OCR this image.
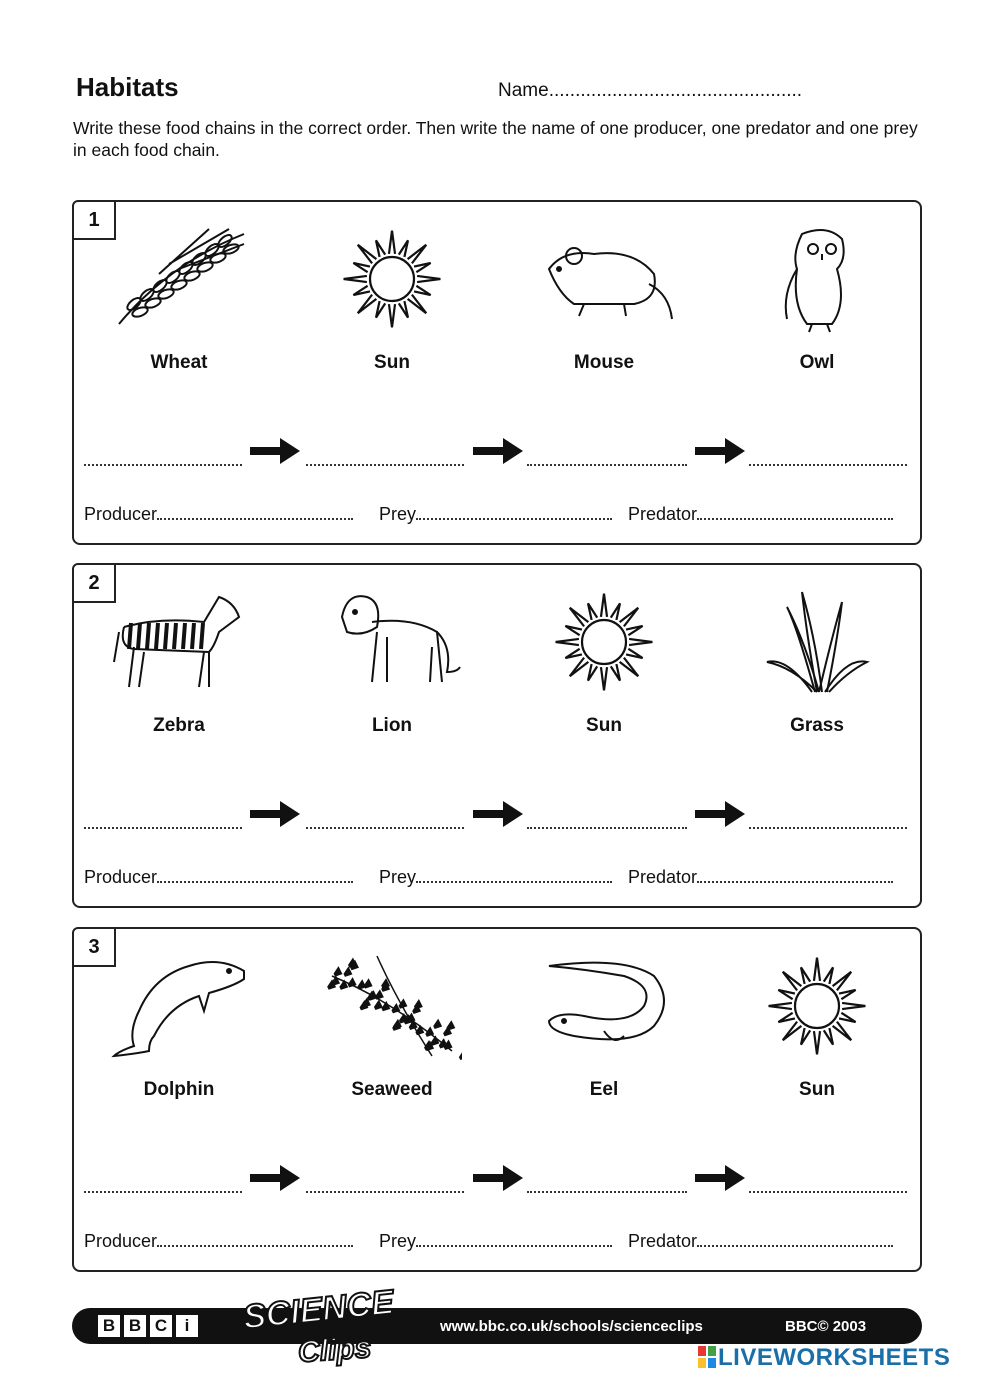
Habitats	Name................................................
Write these food chains in the correct order. Then write the name of one producer, one predator and one prey in each food chain.
1
Wheat	Sun	Mouse	Owl
Producer	Prey	Predator
2
Zebra	Lion	Sun	Grass
Producer	Prey	Predator
3
Dolphin	Seaweed	Eel	Sun
Producer	Prey	Predator
B B C	i SCIENCE
Clips
www.bbc.co.uk/schools/scienceclips	BBC© 2003
LIVEWORKSHEETS
